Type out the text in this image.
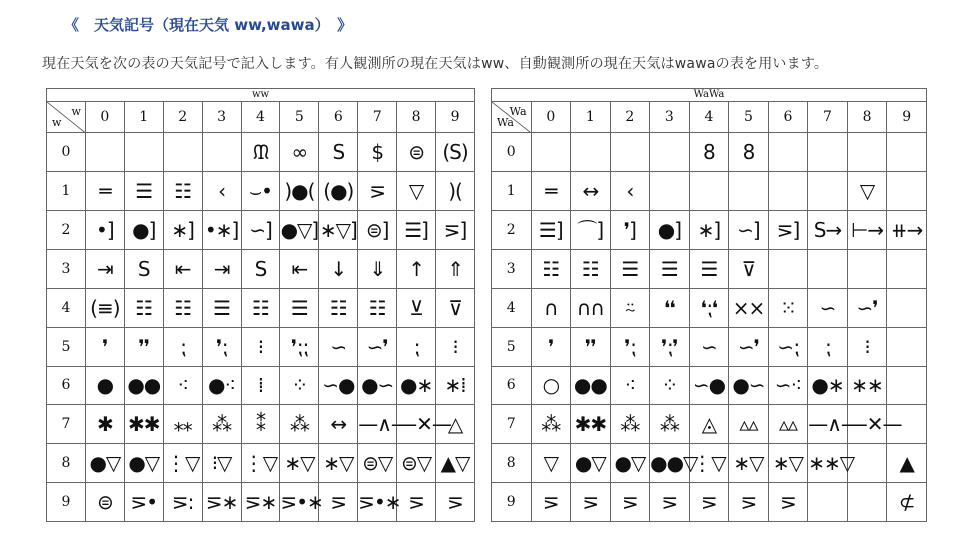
《　天気記号（現在天気 ww,wawa）　》
現在天気を次の表の天気記号で記入します。有人観測所の現在天気はww、自動観測所の現在天気はwawaの表を用います。
ww										

w
w	0	1	2	3	4	5	6	7	8	9
0					ᙢ	∞	S	$	⊜	(S)
1	═	☰	☷	‹	⌣•	)●(	(●)	⋝	▽	)(
2	•]	●]	∗]	•∗]	∽]	●▽]	∗▽]	⊜]	☰]	⋝]
3	⇥	S	⇤	⇥	S	⇤	↓	⇓	↑	⇑
4	(≡)	☷	☷	☰	☷	☰	☷	☷	⊻	⊽
5	❜	❜❜	⁏	❜⁏	⁝	❜⁏⁏	∽	∽❜	⁏	⁝
6	●	●●	⁖	●⁖	⁞	⁘	∽●	●∽	●∗	∗⁞
7	✱	✱✱	⁎⁎	⁂	⁑	⁂	↔	—∧—	—✕—	△
8	●▽	●▽	⋮▽	⁝▽	⋮▽	∗▽	∗▽	⊜▽	⊜▽	▲▽
9	⊜	⋝•	⋝:	⋝∗	⋝∗	⋝•∗	⋝	⋝•∗	⋝	⋝
WaWa										

Wa
Wa	0	1	2	3	4	5	6	7	8	9
0					8	8				
1	═	↔	‹						▽	
2	☰]	⌒]	❜]	●]	∗]	∽]	⋝]	S→	⊢→	⧺→
3	☷	☷	☰	☰	☰	⊽				
4	∩	∩∩	⍨	❛❛	❛⁏❛	××	⁙	∽	∽❜	
5	❜	❜❜	❜⁏	❜⁏❜	∽	∽❜	∽⁏	⁏	⁝	
6	○	●●	⁖	⁘	∽●	●∽	∽⁖	●∗	∗∗	
7	⁂	✱✱	⁂	⁂	◬	▵▵	▵▵	—∧—	—✕—	
8	▽	●▽	●▽	●●▽	⋮▽	∗▽	∗▽	∗∗▽		▲
9	⋝	⋝	⋝	⋝	⋝	⋝	⋝			⊄
